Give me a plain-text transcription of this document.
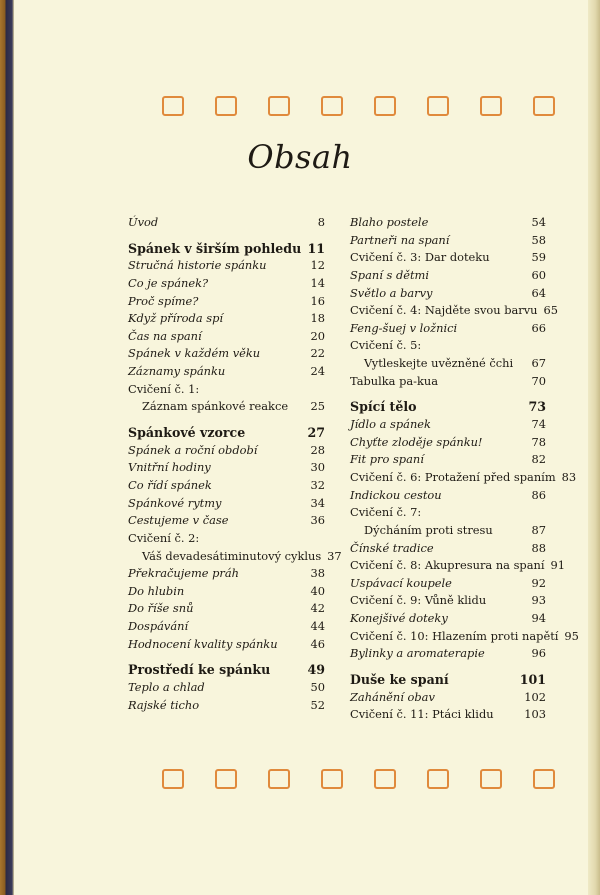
Obsah
Úvod	8
Spánek v širším pohledu 11
Stručná historie spánku	12
Co je spánek?	14
Proč spíme?	16
Když příroda spí	18
Čas na spaní	20
Spánek v každém věku	22
Záznamy spánku	24
Cvičení č. 1:
Záznam spánkové reakce	25
Spánkové vzorce	27
Spánek a roční období	28
Vnitřní hodiny	30
Co řídí spánek	32
Spánkové rytmy	34
Cestujeme v čase	36
Cvičení č. 2:
Váš devadesátiminutový cyklus 37
Překračujeme práh	38
Do hlubin	40
Do říše snů	42
Dospávání	44
Hodnocení kvality spánku	46
Prostředí ke spánku	49
Teplo a chlad	50
Rajské ticho	52
Blaho postele	54
Partneři na spaní	58
Cvičení č. 3: Dar doteku	59
Spaní s dětmi	60
Světlo a barvy	64
Cvičení č. 4: Najděte svou barvu 65
Feng-šuej v ložnici	66
Cvičení č. 5:
Vytleskejte uvězněné čchi	67
Tabulka pa-kua	70
Spící tělo	73
Jídlo a spánek	74
Chyťte zloděje spánku!	78
Fit pro spaní	82
Cvičení č. 6: Protažení před spaním 83
Indickou cestou	86
Cvičení č. 7:
Dýcháním proti stresu	87
Čínské tradice	88
Cvičení č. 8: Akupresura na spaní 91
Uspávací koupele	92
Cvičení č. 9: Vůně klidu	93
Konejšivé doteky	94
Cvičení č. 10: Hlazením proti napětí 95
Bylinky a aromaterapie	96
Duše ke spaní	101
Zahánění obav	102
Cvičení č. 11: Ptáci klidu	103
